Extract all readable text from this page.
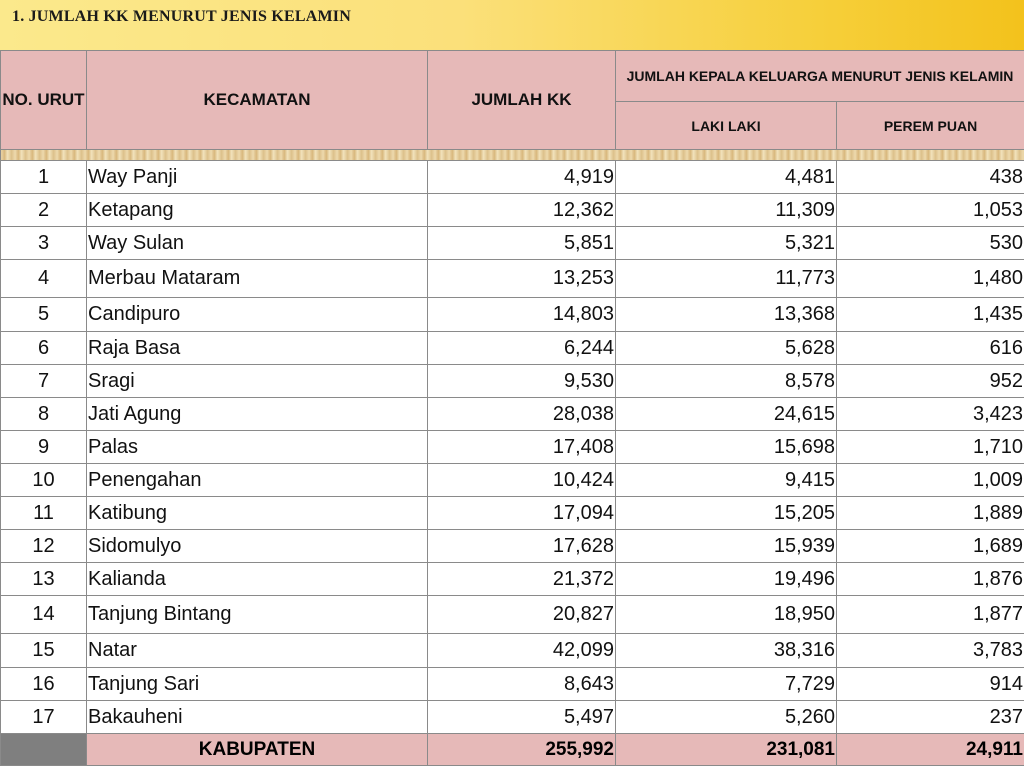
1. JUMLAH KK MENURUT JENIS KELAMIN
NO. URUT	KECAMATAN	JUMLAH KK	JUMLAH KEPALA KELUARGA MENURUT JENIS KELAMIN	
			LAKI LAKI	PEREM PUAN

1	Way Panji	4,919	4,481	438
2	Ketapang	12,362	11,309	1,053
3	Way Sulan	5,851	5,321	530
4	Merbau Mataram	13,253	11,773	1,480
5	Candipuro	14,803	13,368	1,435
6	Raja Basa	6,244	5,628	616
7	Sragi	9,530	8,578	952
8	Jati Agung	28,038	24,615	3,423
9	Palas	17,408	15,698	1,710
10	Penengahan	10,424	9,415	1,009
11	Katibung	17,094	15,205	1,889
12	Sidomulyo	17,628	15,939	1,689
13	Kalianda	21,372	19,496	1,876
14	Tanjung Bintang	20,827	18,950	1,877
15	Natar	42,099	38,316	3,783
16	Tanjung Sari	8,643	7,729	914
17	Bakauheni	5,497	5,260	237
	KABUPATEN	255,992	231,081	24,911
